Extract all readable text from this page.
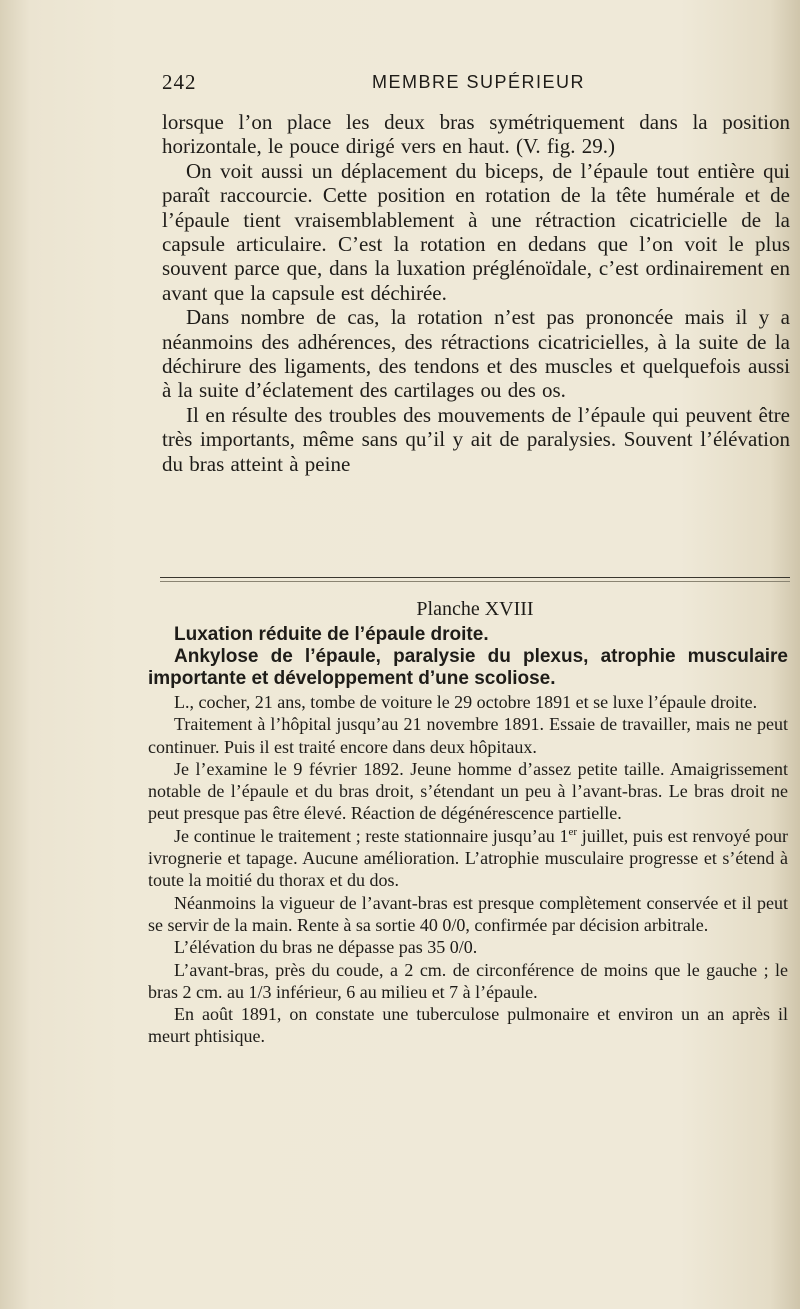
242	MEMBRE SUPÉRIEUR

lorsque l’on place les deux bras symétriquement dans la position horizontale, le pouce dirigé vers en haut. (V. fig. 29.)

On voit aussi un déplacement du biceps, de l’épaule tout entière qui paraît raccourcie. Cette position en rotation de la tête humérale et de l’épaule tient vraisemblablement à une rétraction cicatricielle de la capsule articulaire. C’est la rotation en dedans que l’on voit le plus souvent parce que, dans la luxation préglénoïdale, c’est ordinairement en avant que la capsule est déchirée.

Dans nombre de cas, la rotation n’est pas prononcée mais il y a néanmoins des adhérences, des rétractions cicatricielles, à la suite de la déchirure des ligaments, des tendons et des muscles et quelquefois aussi à la suite d’éclatement des cartilages ou des os.

Il en résulte des troubles des mouvements de l’épaule qui peuvent être très importants, même sans qu’il y ait de paralysies. Souvent l’élévation du bras atteint à peine

Planche XVIII

Luxation réduite de l’épaule droite.

Ankylose de l’épaule, paralysie du plexus, atrophie musculaire importante et développement d’une scoliose.

L., cocher, 21 ans, tombe de voiture le 29 octobre 1891 et se luxe l’épaule droite.

Traitement à l’hôpital jusqu’au 21 novembre 1891. Essaie de travailler, mais ne peut continuer. Puis il est traité encore dans deux hôpitaux.

Je l’examine le 9 février 1892. Jeune homme d’assez petite taille. Amaigrissement notable de l’épaule et du bras droit, s’étendant un peu à l’avant-bras. Le bras droit ne peut presque pas être élevé. Réaction de dégénérescence partielle.

Je continue le traitement ; reste stationnaire jusqu’au 1er juillet, puis est renvoyé pour ivrognerie et tapage. Aucune amélioration. L’atrophie musculaire progresse et s’étend à toute la moitié du thorax et du dos.

Néanmoins la vigueur de l’avant-bras est presque complètement conservée et il peut se servir de la main. Rente à sa sortie 40 0/0, confirmée par décision arbitrale.

L’élévation du bras ne dépasse pas 35 0/0.

L’avant-bras, près du coude, a 2 cm. de circonférence de moins que le gauche ; le bras 2 cm. au 1/3 inférieur, 6 au milieu et 7 à l’épaule.

En août 1891, on constate une tuberculose pulmonaire et environ un an après il meurt phtisique.
